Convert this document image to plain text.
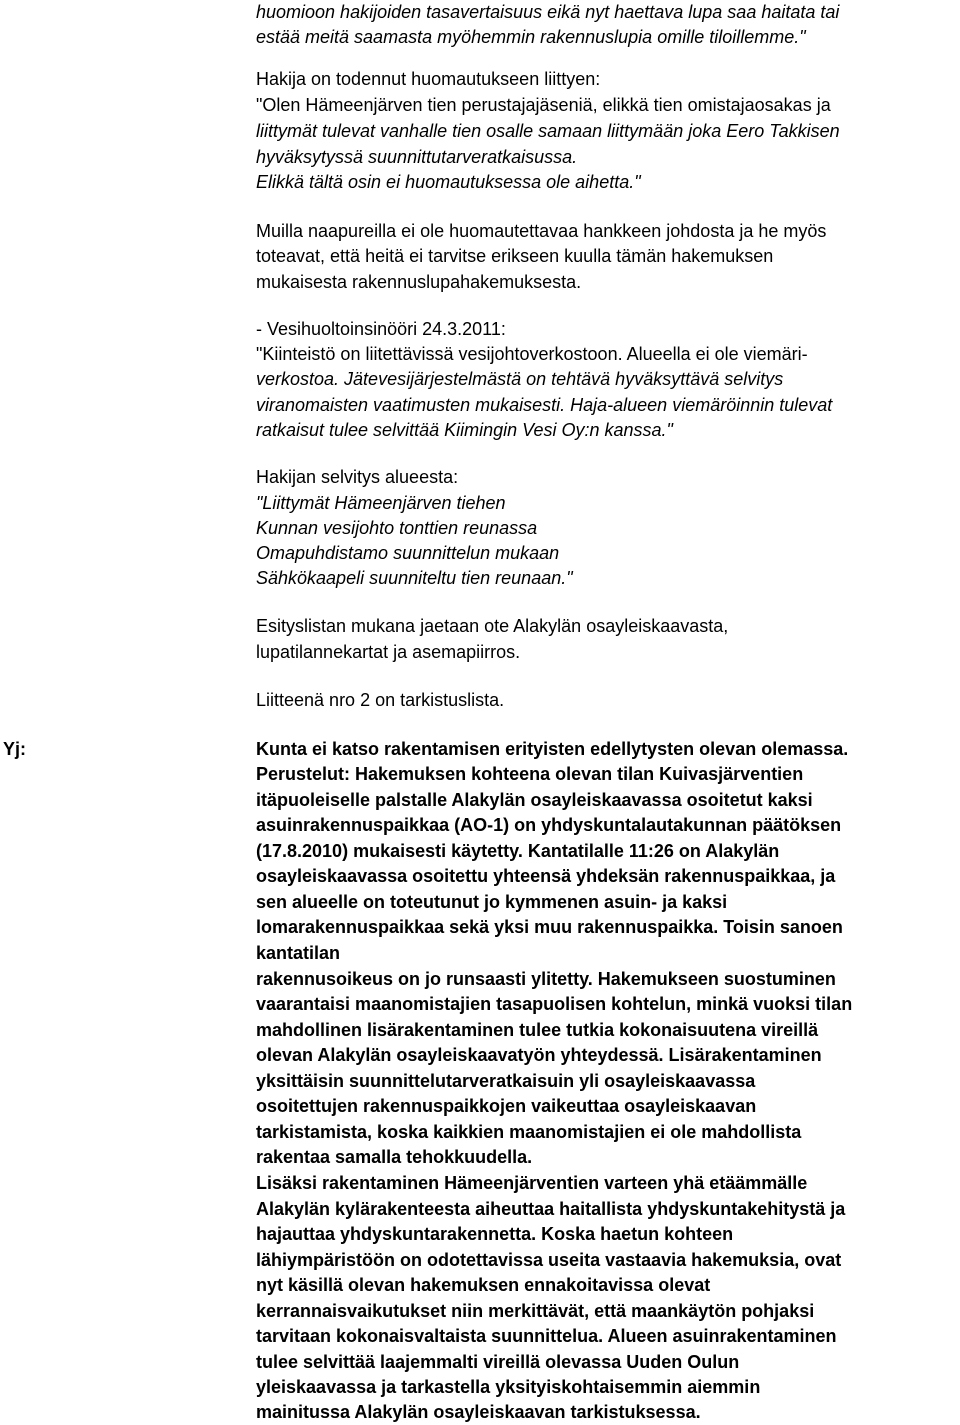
huomioon hakijoiden tasavertaisuus eikä nyt haettava lupa saa haitata tai
estää meitä saamasta myöhemmin rakennuslupia omille tiloillemme."
Hakija on todennut huomautukseen liittyen:
"Olen Hämeenjärven tien perustajajäseniä, elikkä tien omistajaosakas ja
liittymät tulevat vanhalle tien osalle samaan liittymään joka Eero Takkisen
hyväksytyssä suunnittutarveratkaisussa.
Elikkä tältä osin ei huomautuksessa ole aihetta."
Muilla naapureilla ei ole huomautettavaa hankkeen johdosta ja he myös
toteavat, että heitä ei tarvitse erikseen kuulla tämän hakemuksen
mukaisesta rakennuslupahakemuksesta.
- Vesihuoltoinsinööri 24.3.2011:
"Kiinteistö on liitettävissä vesijohtoverkostoon. Alueella ei ole viemäri-
verkostoa. Jätevesijärjestelmästä on tehtävä hyväksyttävä selvitys
viranomaisten vaatimusten mukaisesti. Haja-alueen viemäröinnin tulevat
ratkaisut tulee selvittää Kiimingin Vesi Oy:n kanssa."
Hakijan selvitys alueesta:
"Liittymät Hämeenjärven tiehen
Kunnan vesijohto tonttien reunassa
Omapuhdistamo suunnittelun mukaan
Sähkökaapeli suunniteltu tien reunaan."
Esityslistan mukana jaetaan ote Alakylän osayleiskaavasta,
lupatilannekartat ja asemapiirros.
Liitteenä nro 2 on tarkistuslista.
Yj:	Kunta ei katso rakentamisen erityisten edellytysten olevan olemassa.
Perustelut: Hakemuksen kohteena olevan tilan Kuivasjärventien
itäpuoleiselle palstalle Alakylän osayleiskaavassa osoitetut kaksi
asuinrakennuspaikkaa (AO-1) on yhdyskuntalautakunnan päätöksen
(17.8.2010) mukaisesti käytetty. Kantatilalle 11:26 on Alakylän
osayleiskaavassa osoitettu yhteensä yhdeksän rakennuspaikkaa, ja
sen alueelle on toteutunut jo kymmenen asuin- ja kaksi
lomarakennuspaikkaa sekä yksi muu rakennuspaikka. Toisin sanoen
kantatilan
rakennusoikeus on jo runsaasti ylitetty. Hakemukseen suostuminen
vaarantaisi maanomistajien tasapuolisen kohtelun, minkä vuoksi tilan
mahdollinen lisärakentaminen tulee tutkia kokonaisuutena vireillä
olevan Alakylän osayleiskaavatyön yhteydessä. Lisärakentaminen
yksittäisin suunnittelutarveratkaisuin yli osayleiskaavassa
osoitettujen rakennuspaikkojen vaikeuttaa osayleiskaavan
tarkistamista, koska kaikkien maanomistajien ei ole mahdollista
rakentaa samalla tehokkuudella.
Lisäksi rakentaminen Hämeenjärventien varteen yhä etäämmälle
Alakylän kylärakenteesta aiheuttaa haitallista yhdyskuntakehitystä ja
hajauttaa yhdyskuntarakennetta. Koska haetun kohteen
lähiympäristöön on odotettavissa useita vastaavia hakemuksia, ovat
nyt käsillä olevan hakemuksen ennakoitavissa olevat
kerrannaisvaikutukset niin merkittävät, että maankäytön pohjaksi
tarvitaan kokonaisvaltaista suunnittelua. Alueen asuinrakentaminen
tulee selvittää laajemmalti vireillä olevassa Uuden Oulun
yleiskaavassa ja tarkastella yksityiskohtaisemmin aiemmin
mainitussa Alakylän osayleiskaavan tarkistuksessa.
